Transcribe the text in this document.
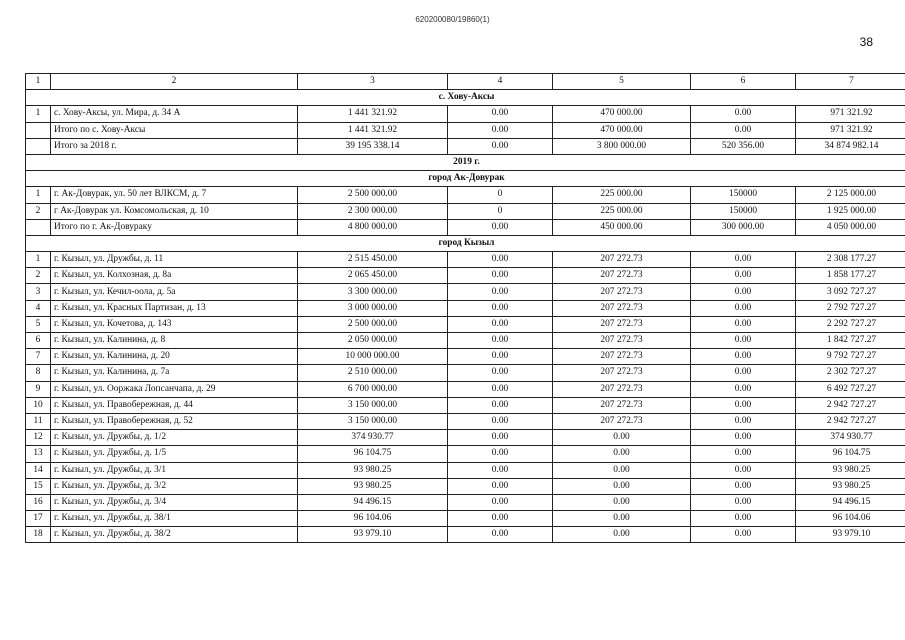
620200080/19860(1)
38
1	2	3	4	5	6	7
с. Хову-Аксы						
1	с. Хову-Аксы, ул. Мира, д. 34 А	1 441 321.92	0.00	470 000.00	0.00	971 321.92
	Итого по с. Хову-Аксы	1 441 321.92	0.00	470 000.00	0.00	971 321.92
	Итого за 2018 г.	39 195 338.14	0.00	3 800 000.00	520 356.00	34 874 982.14
2019 г.						
город Ак-Довурак						
1	г. Ак-Довурак, ул. 50 лет ВЛКСМ, д. 7	2 500 000.00	0	225 000.00	150000	2 125 000.00
2	г Ак-Довурак ул. Комсомольская, д. 10	2 300 000.00	0	225 000.00	150000	1 925 000.00
	Итого по г. Ак-Довураку	4 800 000.00	0.00	450 000.00	300 000.00	4 050 000.00
город Кызыл						
1	г. Кызыл, ул. Дружбы, д. 11	2 515 450.00	0.00	207 272.73	0.00	2 308 177.27
2	г. Кызыл, ул. Колхозная, д. 8а	2 065 450.00	0.00	207 272.73	0.00	1 858 177.27
3	г. Кызыл, ул. Кечил-оола, д. 5а	3 300 000.00	0.00	207 272.73	0.00	3 092 727.27
4	г. Кызыл, ул. Красных Партизан, д. 13	3 000 000.00	0.00	207 272.73	0.00	2 792 727.27
5	г. Кызыл, ул. Кочетова, д. 143	2 500 000.00	0.00	207 272.73	0.00	2 292 727.27
6	г. Кызыл, ул. Калинина, д. 8	2 050 000.00	0.00	207 272.73	0.00	1 842 727.27
7	г. Кызыл, ул. Калинина, д. 20	10 000 000.00	0.00	207 272.73	0.00	9 792 727.27
8	г. Кызыл, ул. Калинина, д. 7а	2 510 000.00	0.00	207 272.73	0.00	2 302 727.27
9	г. Кызыл, ул. Ооржака Лопсанчапа, д. 29	6 700 000.00	0.00	207 272.73	0.00	6 492 727.27
10	г. Кызыл, ул. Правобережная, д. 44	3 150 000.00	0.00	207 272.73	0.00	2 942 727.27
11	г. Кызыл, ул. Правобережная, д. 52	3 150 000.00	0.00	207 272.73	0.00	2 942 727.27
12	г. Кызыл, ул. Дружбы, д. 1/2	374 930.77	0.00	0.00	0.00	374 930.77
13	г. Кызыл, ул. Дружбы, д. 1/5	96 104.75	0.00	0.00	0.00	96 104.75
14	г. Кызыл, ул. Дружбы, д. 3/1	93 980.25	0.00	0.00	0.00	93 980.25
15	г. Кызыл, ул. Дружбы, д. 3/2	93 980.25	0.00	0.00	0.00	93 980.25
16	г. Кызыл, ул. Дружбы, д. 3/4	94 496.15	0.00	0.00	0.00	94 496.15
17	г. Кызыл, ул. Дружбы, д. 38/1	96 104.06	0.00	0.00	0.00	96 104.06
18	г. Кызыл, ул. Дружбы, д. 38/2	93 979.10	0.00	0.00	0.00	93 979.10
